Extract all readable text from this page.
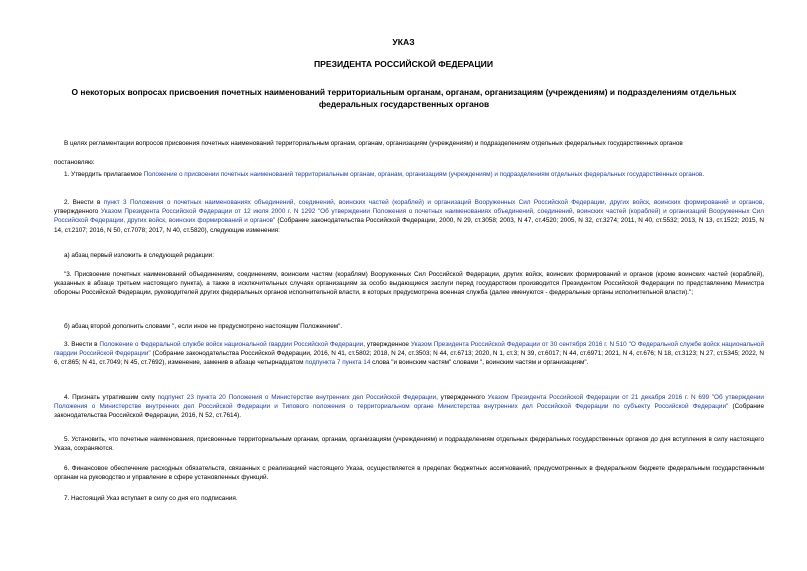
УКАЗ
ПРЕЗИДЕНТА РОССИЙСКОЙ ФЕДЕРАЦИИ
О некоторых вопросах присвоения почетных наименований территориальным органам, органам, организациям (учреждениям) и подразделениям отдельных федеральных государственных органов
В целях регламентации вопросов присвоения почетных наименований территориальным органам, органам, организациям (учреждениям) и подразделениям отдельных федеральных государственных органов
постановляю:
1. Утвердить прилагаемое Положение о присвоении почетных наименований территориальным органам, органам, организациям (учреждениям) и подразделениям отдельных федеральных государственных органов.
2. Внести в пункт 3 Положения о почетных наименованиях объединений, соединений, воинских частей (кораблей) и организаций Вооруженных Сил Российской Федерации, других войск, воинских формирований и органов, утвержденного Указом Президента Российской Федерации от 12 июля 2000 г. N 1292 "Об утверждении Положения о почетных наименованиях объединений, соединений, воинских частей (кораблей) и организаций Вооруженных Сил Российской Федерации, других войск, воинских формирований и органов" (Собрание законодательства Российской Федерации, 2000, N 29, ст.3058; 2003, N 47, ст.4520; 2005, N 32, ст.3274; 2011, N 40, ст.5532; 2013, N 13, ст.1522; 2015, N 14, ст.2107; 2016, N 50, ст.7078; 2017, N 40, ст.5820), следующие изменения:
а) абзац первый изложить в следующей редакции:
"3. Присвоение почетных наименований объединениям, соединениям, воинским частям (кораблям) Вооруженных Сил Российской Федерации, других войск, воинских формирований и органов (кроме воинских частей (кораблей), указанных в абзаце третьем настоящего пункта), а также в исключительных случаях организациям за особо выдающиеся заслуги перед государством производится Президентом Российской Федерации по представлению Министра обороны Российской Федерации, руководителей других федеральных органов исполнительной власти, в которых предусмотрена военная служба (далее именуются - федеральные органы исполнительной власти).";
б) абзац второй дополнить словами ", если иное не предусмотрено настоящим Положением".
3. Внести в Положение о Федеральной службе войск национальной гвардии Российской Федерации, утвержденное Указом Президента Российской Федерации от 30 сентября 2016 г. N 510 "О Федеральной службе войск национальной гвардии Российской Федерации" (Собрание законодательства Российской Федерации, 2016, N 41, ст.5802; 2018, N 24, ст.3503; N 44, ст.6713; 2020, N 1, ст.3; N 39, ст.6017; N 44, ст.6971; 2021, N 4, ст.676; N 18, ст.3123; N 27, ст.5345; 2022, N 6, ст.865; N 41, ст.7049; N 45, ст.7692), изменение, заменив в абзаце четырнадцатом подпункта 7 пункта 14 слова "и воинским частям" словами ", воинским частям и организациям".
4. Признать утратившим силу подпункт 23 пункта 20 Положения о Министерстве внутренних дел Российской Федерации, утвержденного Указом Президента Российской Федерации от 21 декабря 2016 г. N 699 "Об утверждении Положения о Министерстве внутренних дел Российской Федерации и Типового положения о территориальном органе Министерства внутренних дел Российской Федерации по субъекту Российской Федерации" (Собрание законодательства Российской Федерации, 2016, N 52, ст.7614).
5. Установить, что почетные наименования, присвоенные территориальным органам, органам, организациям (учреждениям) и подразделениям отдельных федеральных государственных органов до дня вступления в силу настоящего Указа, сохраняются.
6. Финансовое обеспечение расходных обязательств, связанных с реализацией настоящего Указа, осуществляется в пределах бюджетных ассигнований, предусмотренных в федеральном бюджете федеральным государственным органам на руководство и управление в сфере установленных функций.
7. Настоящий Указ вступает в силу со дня его подписания.
